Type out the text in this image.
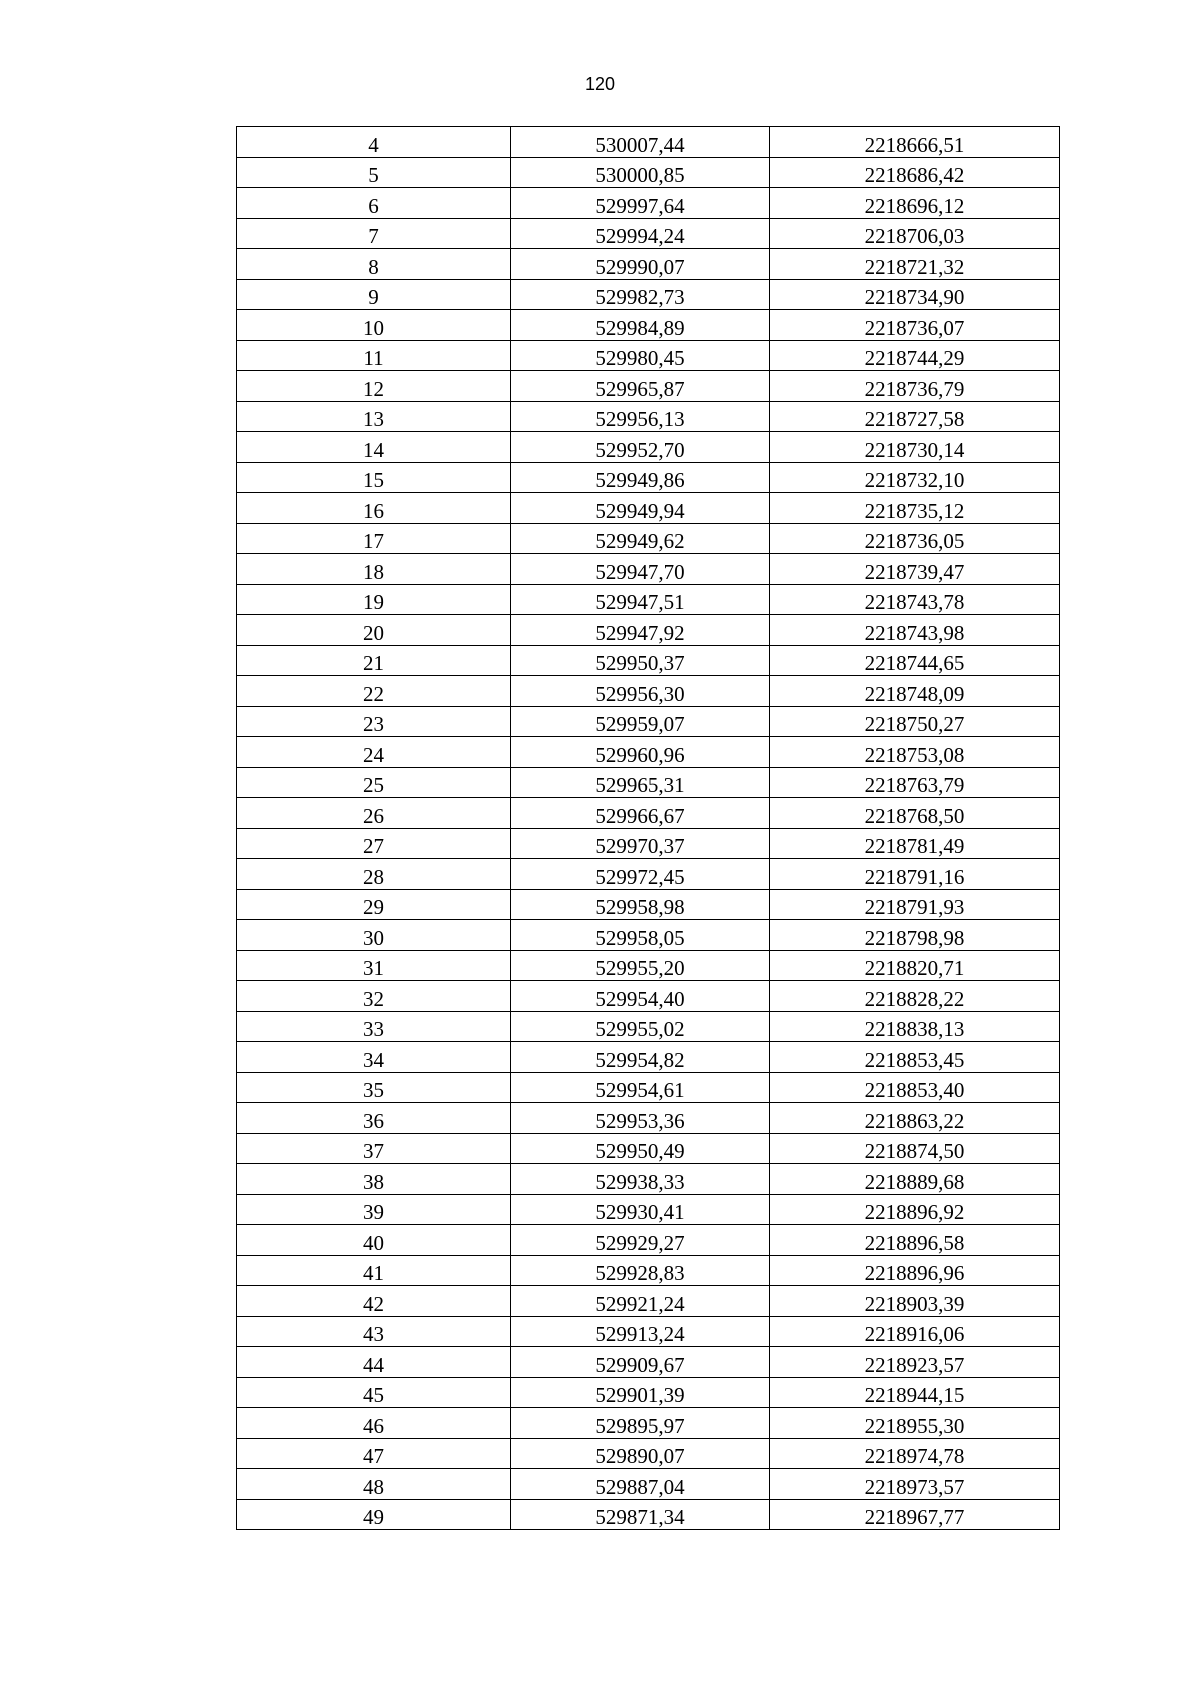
120
4	530007,44	2218666,51
5	530000,85	2218686,42
6	529997,64	2218696,12
7	529994,24	2218706,03
8	529990,07	2218721,32
9	529982,73	2218734,90
10	529984,89	2218736,07
11	529980,45	2218744,29
12	529965,87	2218736,79
13	529956,13	2218727,58
14	529952,70	2218730,14
15	529949,86	2218732,10
16	529949,94	2218735,12
17	529949,62	2218736,05
18	529947,70	2218739,47
19	529947,51	2218743,78
20	529947,92	2218743,98
21	529950,37	2218744,65
22	529956,30	2218748,09
23	529959,07	2218750,27
24	529960,96	2218753,08
25	529965,31	2218763,79
26	529966,67	2218768,50
27	529970,37	2218781,49
28	529972,45	2218791,16
29	529958,98	2218791,93
30	529958,05	2218798,98
31	529955,20	2218820,71
32	529954,40	2218828,22
33	529955,02	2218838,13
34	529954,82	2218853,45
35	529954,61	2218853,40
36	529953,36	2218863,22
37	529950,49	2218874,50
38	529938,33	2218889,68
39	529930,41	2218896,92
40	529929,27	2218896,58
41	529928,83	2218896,96
42	529921,24	2218903,39
43	529913,24	2218916,06
44	529909,67	2218923,57
45	529901,39	2218944,15
46	529895,97	2218955,30
47	529890,07	2218974,78
48	529887,04	2218973,57
49	529871,34	2218967,77
